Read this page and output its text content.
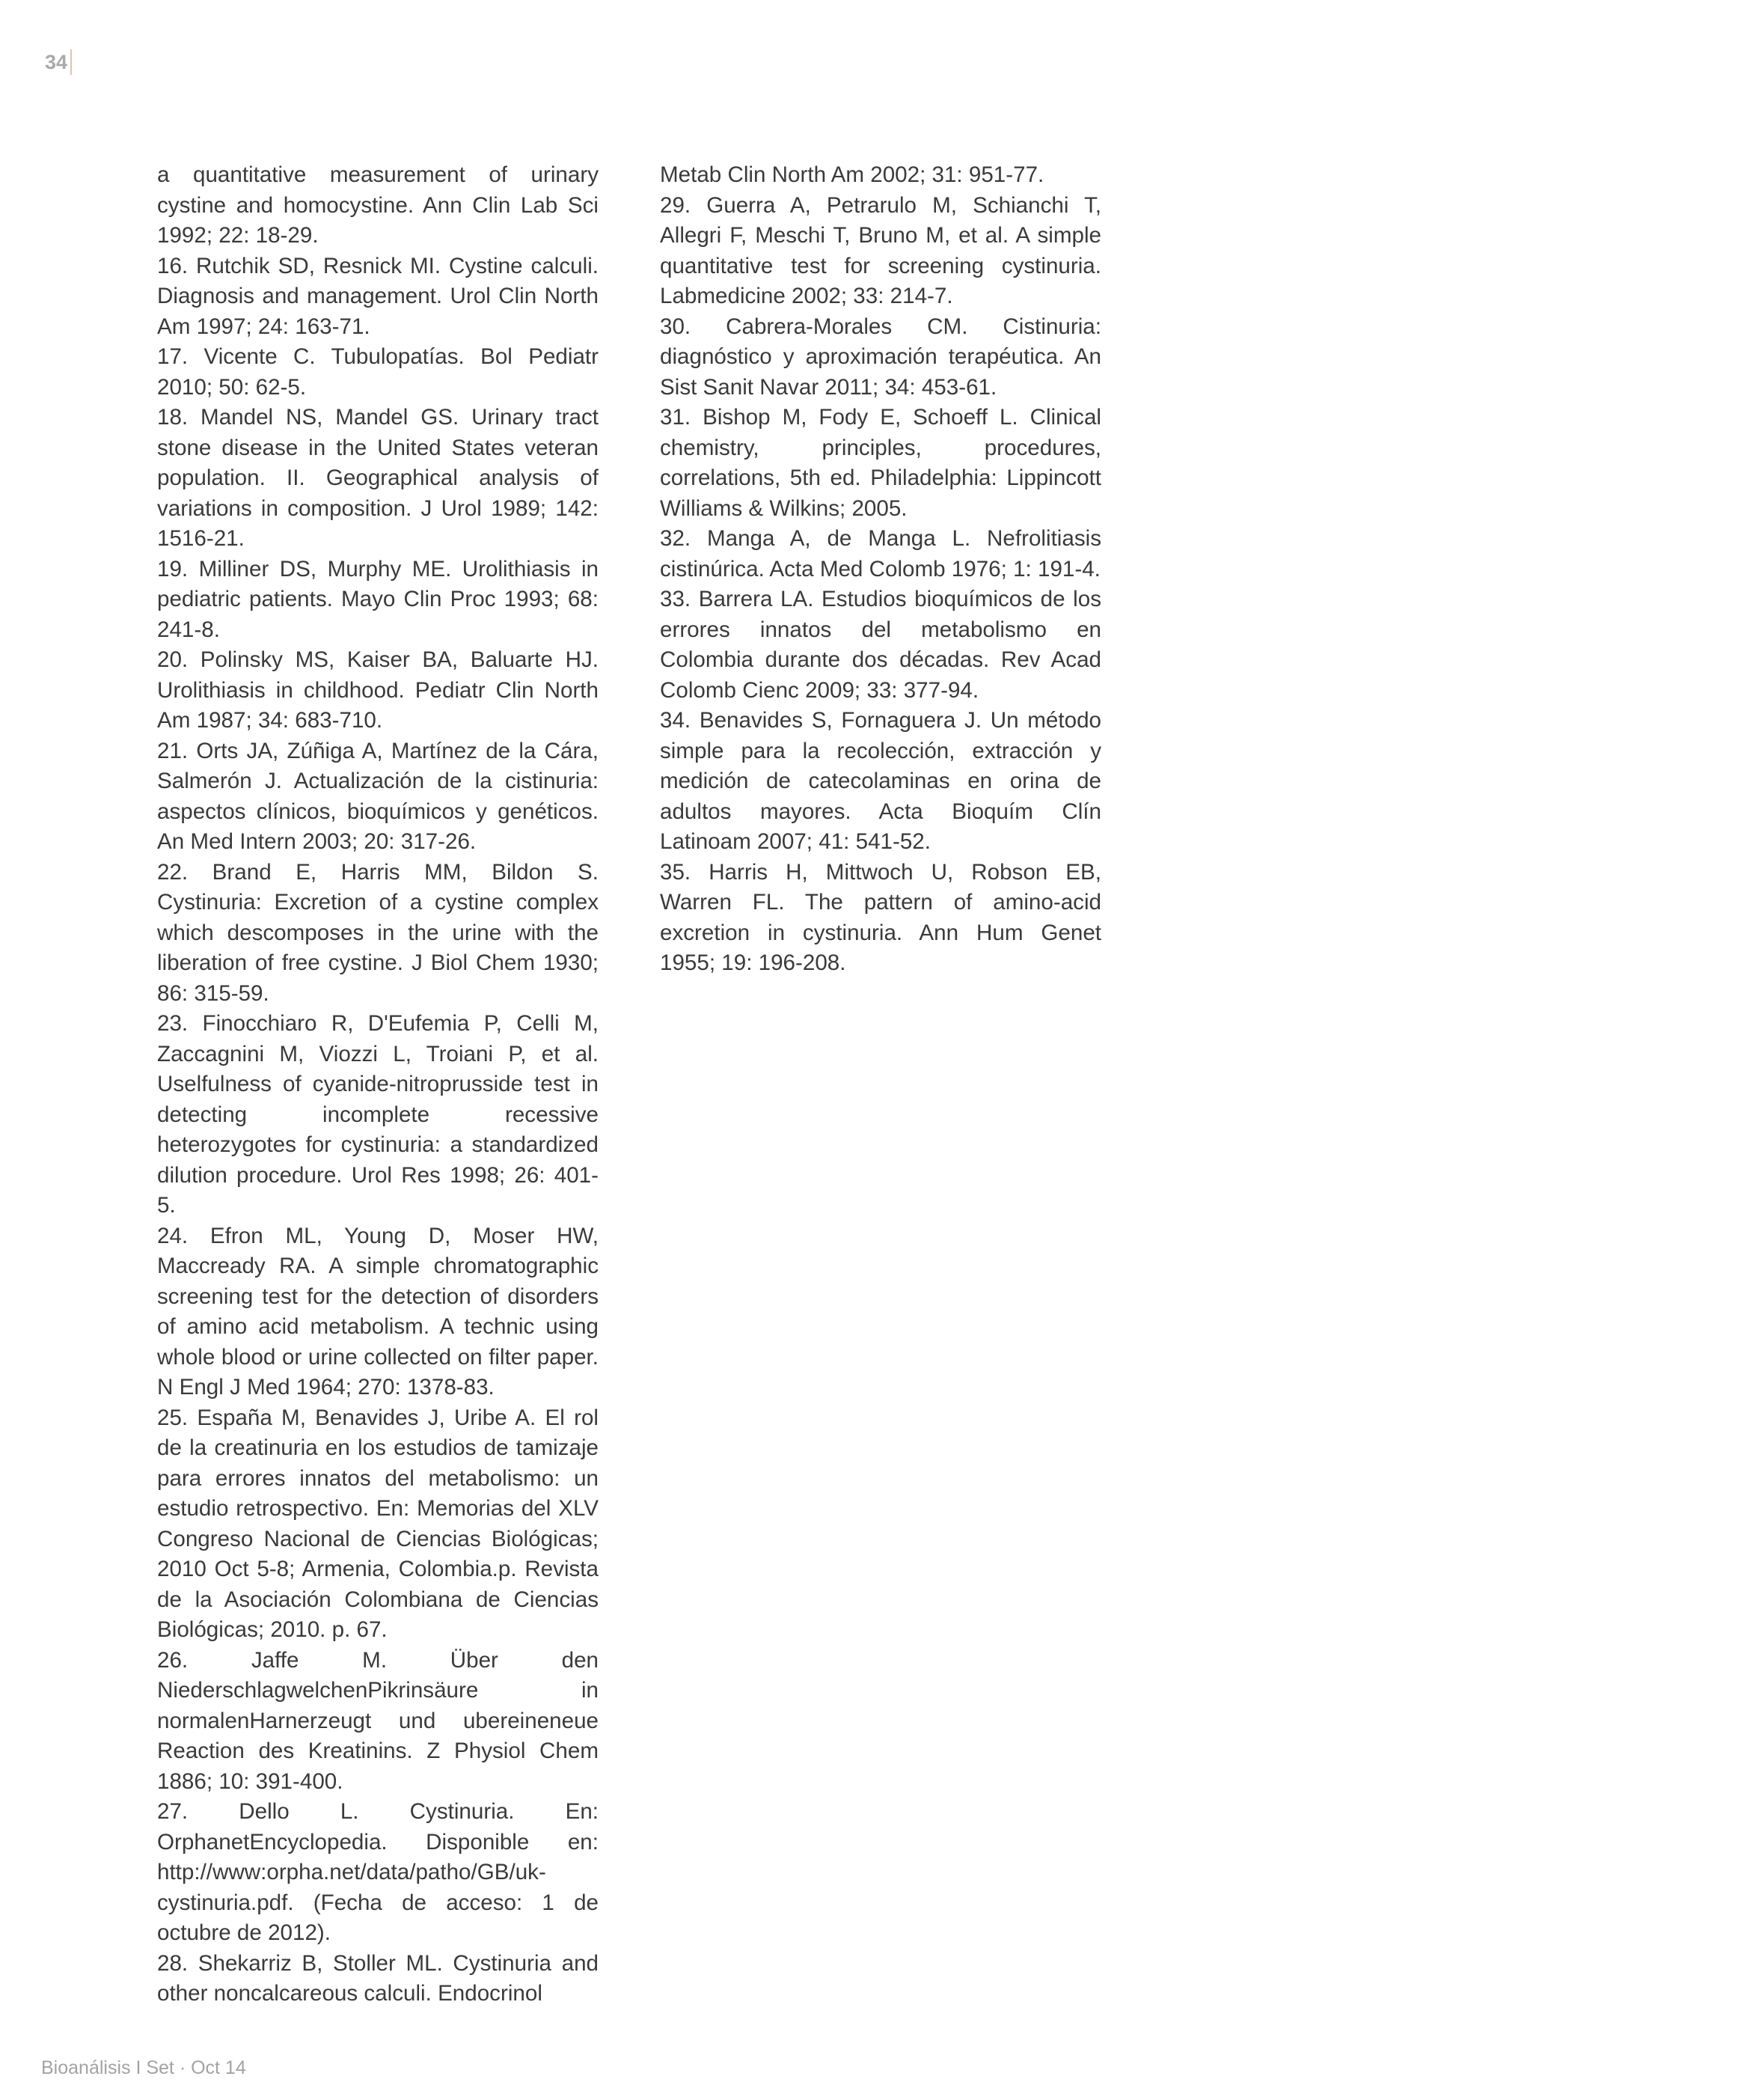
34

a quantitative measurement of urinary cystine and homocystine. Ann Clin Lab Sci 1992; 22: 18-29.

16. Rutchik SD, Resnick MI. Cystine calculi. Diagnosis and management. Urol Clin North Am 1997; 24: 163-71.

17. Vicente C. Tubulopatías. Bol Pediatr 2010; 50: 62-5.

18. Mandel NS, Mandel GS. Urinary tract stone disease in the United States veteran population. II. Geographical analysis of variations in composition. J Urol 1989; 142: 1516-21.

19. Milliner DS, Murphy ME. Urolithiasis in pediatric patients. Mayo Clin Proc 1993; 68: 241-8.

20. Polinsky MS, Kaiser BA, Baluarte HJ. Urolithiasis in childhood. Pediatr Clin North Am 1987; 34: 683-710.

21. Orts JA, Zúñiga A, Martínez de la Cára, Salmerón J. Actualización de la cistinuria: aspectos clínicos, bioquímicos y genéticos. An Med Intern 2003; 20: 317-26.

22. Brand E, Harris MM, Bildon S. Cystinuria: Excretion of a cystine complex which descomposes in the urine with the liberation of free cystine. J Biol Chem 1930; 86: 315-59.

23. Finocchiaro R, D'Eufemia P, Celli M, Zaccagnini M, Viozzi L, Troiani P, et al. Uselfulness of cyanide-nitroprusside test in detecting incomplete recessive heterozygotes for cystinuria: a standardized dilution procedure. Urol Res 1998; 26: 401-5.

24. Efron ML, Young D, Moser HW, Maccready RA. A simple chromatographic screening test for the detection of disorders of amino acid metabolism. A technic using whole blood or urine collected on filter paper. N Engl J Med 1964; 270: 1378-83.

25. España M, Benavides J, Uribe A. El rol de la creatinuria en los estudios de tamizaje para errores innatos del metabolismo: un estudio retrospectivo. En: Memorias del XLV Congreso Nacional de Ciencias Biológicas; 2010 Oct 5-8; Armenia, Colombia.p. Revista de la Asociación Colombiana de Ciencias Biológicas; 2010. p. 67.

26. Jaffe M. Über den NiederschlagwelchenPikrinsäure in normalenHarnerzeugt und ubereineneue Reaction des Kreatinins. Z Physiol Chem 1886; 10: 391-400.

27. Dello L. Cystinuria. En: OrphanetEncyclopedia. Disponible en: http://www:orpha.net/data/patho/GB/uk-cystinuria.pdf. (Fecha de acceso: 1 de octubre de 2012).

28. Shekarriz B, Stoller ML. Cystinuria and other noncalcareous calculi. Endocrinol

Metab Clin North Am 2002; 31: 951-77.

29. Guerra A, Petrarulo M, Schianchi T, Allegri F, Meschi T, Bruno M, et al. A simple quantitative test for screening cystinuria. Labmedicine 2002; 33: 214-7.

30. Cabrera-Morales CM. Cistinuria: diagnóstico y aproximación terapéutica. An Sist Sanit Navar 2011; 34: 453-61.

31. Bishop M, Fody E, Schoeff L. Clinical chemistry, principles, procedures, correlations, 5th ed. Philadelphia: Lippincott Williams & Wilkins; 2005.

32. Manga A, de Manga L. Nefrolitiasis cistinúrica. Acta Med Colomb 1976; 1: 191-4.

33. Barrera LA. Estudios bioquímicos de los errores innatos del metabolismo en Colombia durante dos décadas. Rev Acad Colomb Cienc 2009; 33: 377-94.

34. Benavides S, Fornaguera J. Un método simple para la recolección, extracción y medición de catecolaminas en orina de adultos mayores. Acta Bioquím Clín Latinoam 2007; 41: 541-52.

35. Harris H, Mittwoch U, Robson EB, Warren FL. The pattern of amino-acid excretion in cystinuria. Ann Hum Genet 1955; 19: 196-208.

Bioanálisis I Set · Oct 14
